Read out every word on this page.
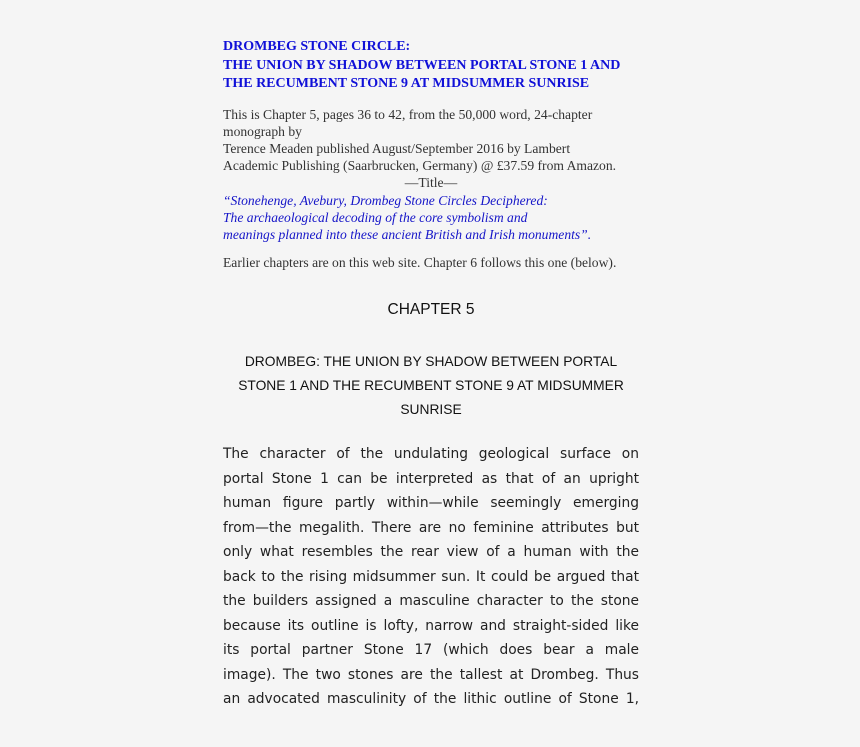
DROMBEG STONE CIRCLE:
THE UNION BY SHADOW BETWEEN PORTAL STONE 1 AND
THE RECUMBENT STONE 9 AT MIDSUMMER SUNRISE
This is Chapter 5, pages 36 to 42, from the 50,000 word, 24-chapter
monograph by
Terence Meaden published August/September 2016 by Lambert
Academic Publishing (Saarbrucken, Germany) @ £37.59 from Amazon.
—Title—
“Stonehenge, Avebury, Drombeg Stone Circles Deciphered:
The archaeological decoding of the core symbolism and
meanings planned into these ancient British and Irish monuments”.
Earlier chapters are on this web site. Chapter 6 follows this one (below).
CHAPTER 5
DROMBEG: THE UNION BY SHADOW BETWEEN PORTAL
STONE 1 AND THE RECUMBENT STONE 9 AT MIDSUMMER
SUNRISE
The character of the undulating geological surface on
portal Stone 1 can be interpreted as that of an upright
human figure partly within—while seemingly emerging
from—the megalith. There are no feminine attributes but
only what resembles the rear view of a human with the
back to the rising midsummer sun. It could be argued that
the builders assigned a masculine character to the stone
because its outline is lofty, narrow and straight-sided like
its portal partner Stone 17 (which does bear a male
image). The two stones are the tallest at Drombeg. Thus
an advocated masculinity of the lithic outline of Stone 1,
